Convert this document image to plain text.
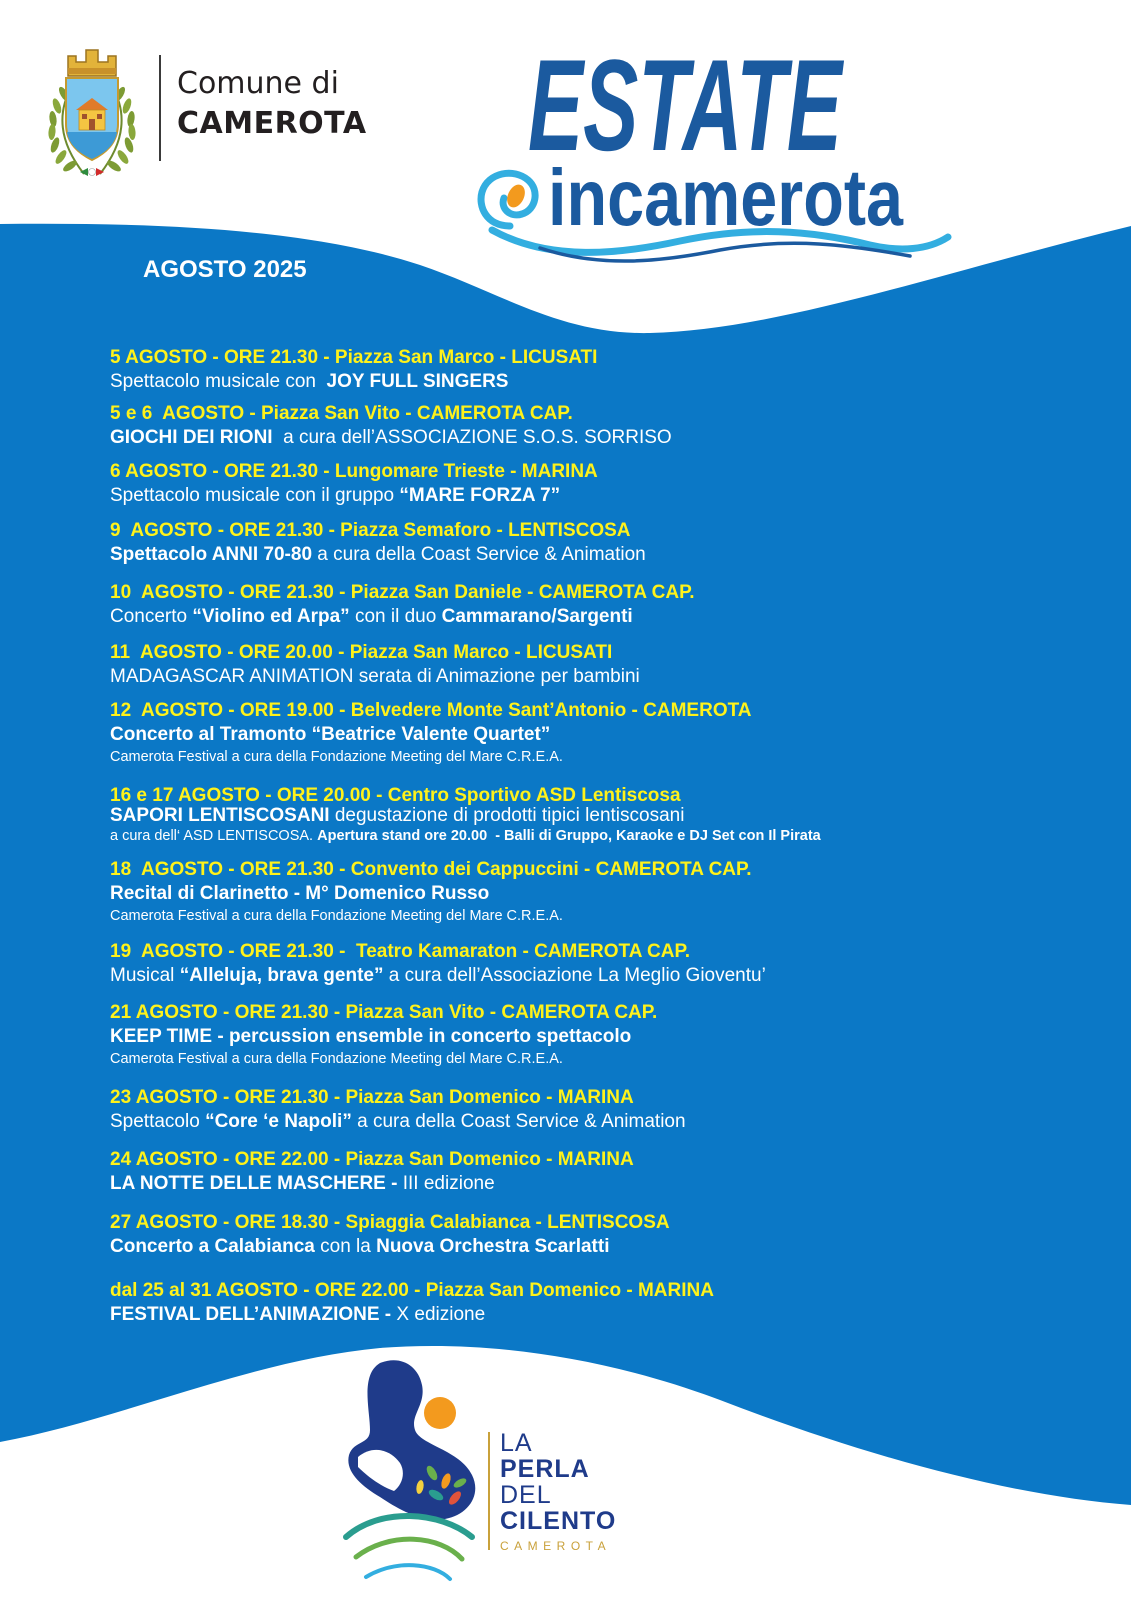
Comune di
CAMEROTA ESTATE
incamerota
AGOSTO 2025
5 AGOSTO - ORE 21.30 - Piazza San Marco - LICUSATI
Spettacolo musicale con  JOY FULL SINGERS
5 e 6  AGOSTO - Piazza San Vito - CAMEROTA CAP.
GIOCHI DEI RIONI  a cura dell’ASSOCIAZIONE S.O.S. SORRISO
6 AGOSTO - ORE 21.30 - Lungomare Trieste - MARINA
Spettacolo musicale con il gruppo “MARE FORZA 7”
9  AGOSTO - ORE 21.30 - Piazza Semaforo - LENTISCOSA
Spettacolo ANNI 70-80 a cura della Coast Service & Animation
10  AGOSTO - ORE 21.30 - Piazza San Daniele - CAMEROTA CAP.
Concerto “Violino ed Arpa” con il duo Cammarano/Sargenti
11  AGOSTO - ORE 20.00 - Piazza San Marco - LICUSATI
MADAGASCAR ANIMATION serata di Animazione per bambini
12  AGOSTO - ORE 19.00 - Belvedere Monte Sant’Antonio - CAMEROTA
Concerto al Tramonto “Beatrice Valente Quartet”
Camerota Festival a cura della Fondazione Meeting del Mare C.R.E.A.
16 e 17 AGOSTO - ORE 20.00 - Centro Sportivo ASD Lentiscosa
SAPORI LENTISCOSANI degustazione di prodotti tipici lentiscosani
a cura dell‘ ASD LENTISCOSA. Apertura stand ore 20.00  - Balli di Gruppo, Karaoke e DJ Set con Il Pirata
18  AGOSTO - ORE 21.30 - Convento dei Cappuccini - CAMEROTA CAP.
Recital di Clarinetto - M° Domenico Russo
Camerota Festival a cura della Fondazione Meeting del Mare C.R.E.A.
19  AGOSTO - ORE 21.30 -  Teatro Kamaraton - CAMEROTA CAP.
Musical “Alleluja, brava gente” a cura dell’Associazione La Meglio Gioventu’
21 AGOSTO - ORE 21.30 - Piazza San Vito - CAMEROTA CAP.
KEEP TIME - percussion ensemble in concerto spettacolo
Camerota Festival a cura della Fondazione Meeting del Mare C.R.E.A.
23 AGOSTO - ORE 21.30 - Piazza San Domenico - MARINA
Spettacolo “Core ‘e Napoli” a cura della Coast Service & Animation
24 AGOSTO - ORE 22.00 - Piazza San Domenico - MARINA
LA NOTTE DELLE MASCHERE - III edizione
27 AGOSTO - ORE 18.30 - Spiaggia Calabianca - LENTISCOSA
Concerto a Calabianca con la Nuova Orchestra Scarlatti
dal 25 al 31 AGOSTO - ORE 22.00 - Piazza San Domenico - MARINA
FESTIVAL DELL’ANIMAZIONE - X edizione
LA
PERLA
DEL
CILENTO
CAMEROTA
